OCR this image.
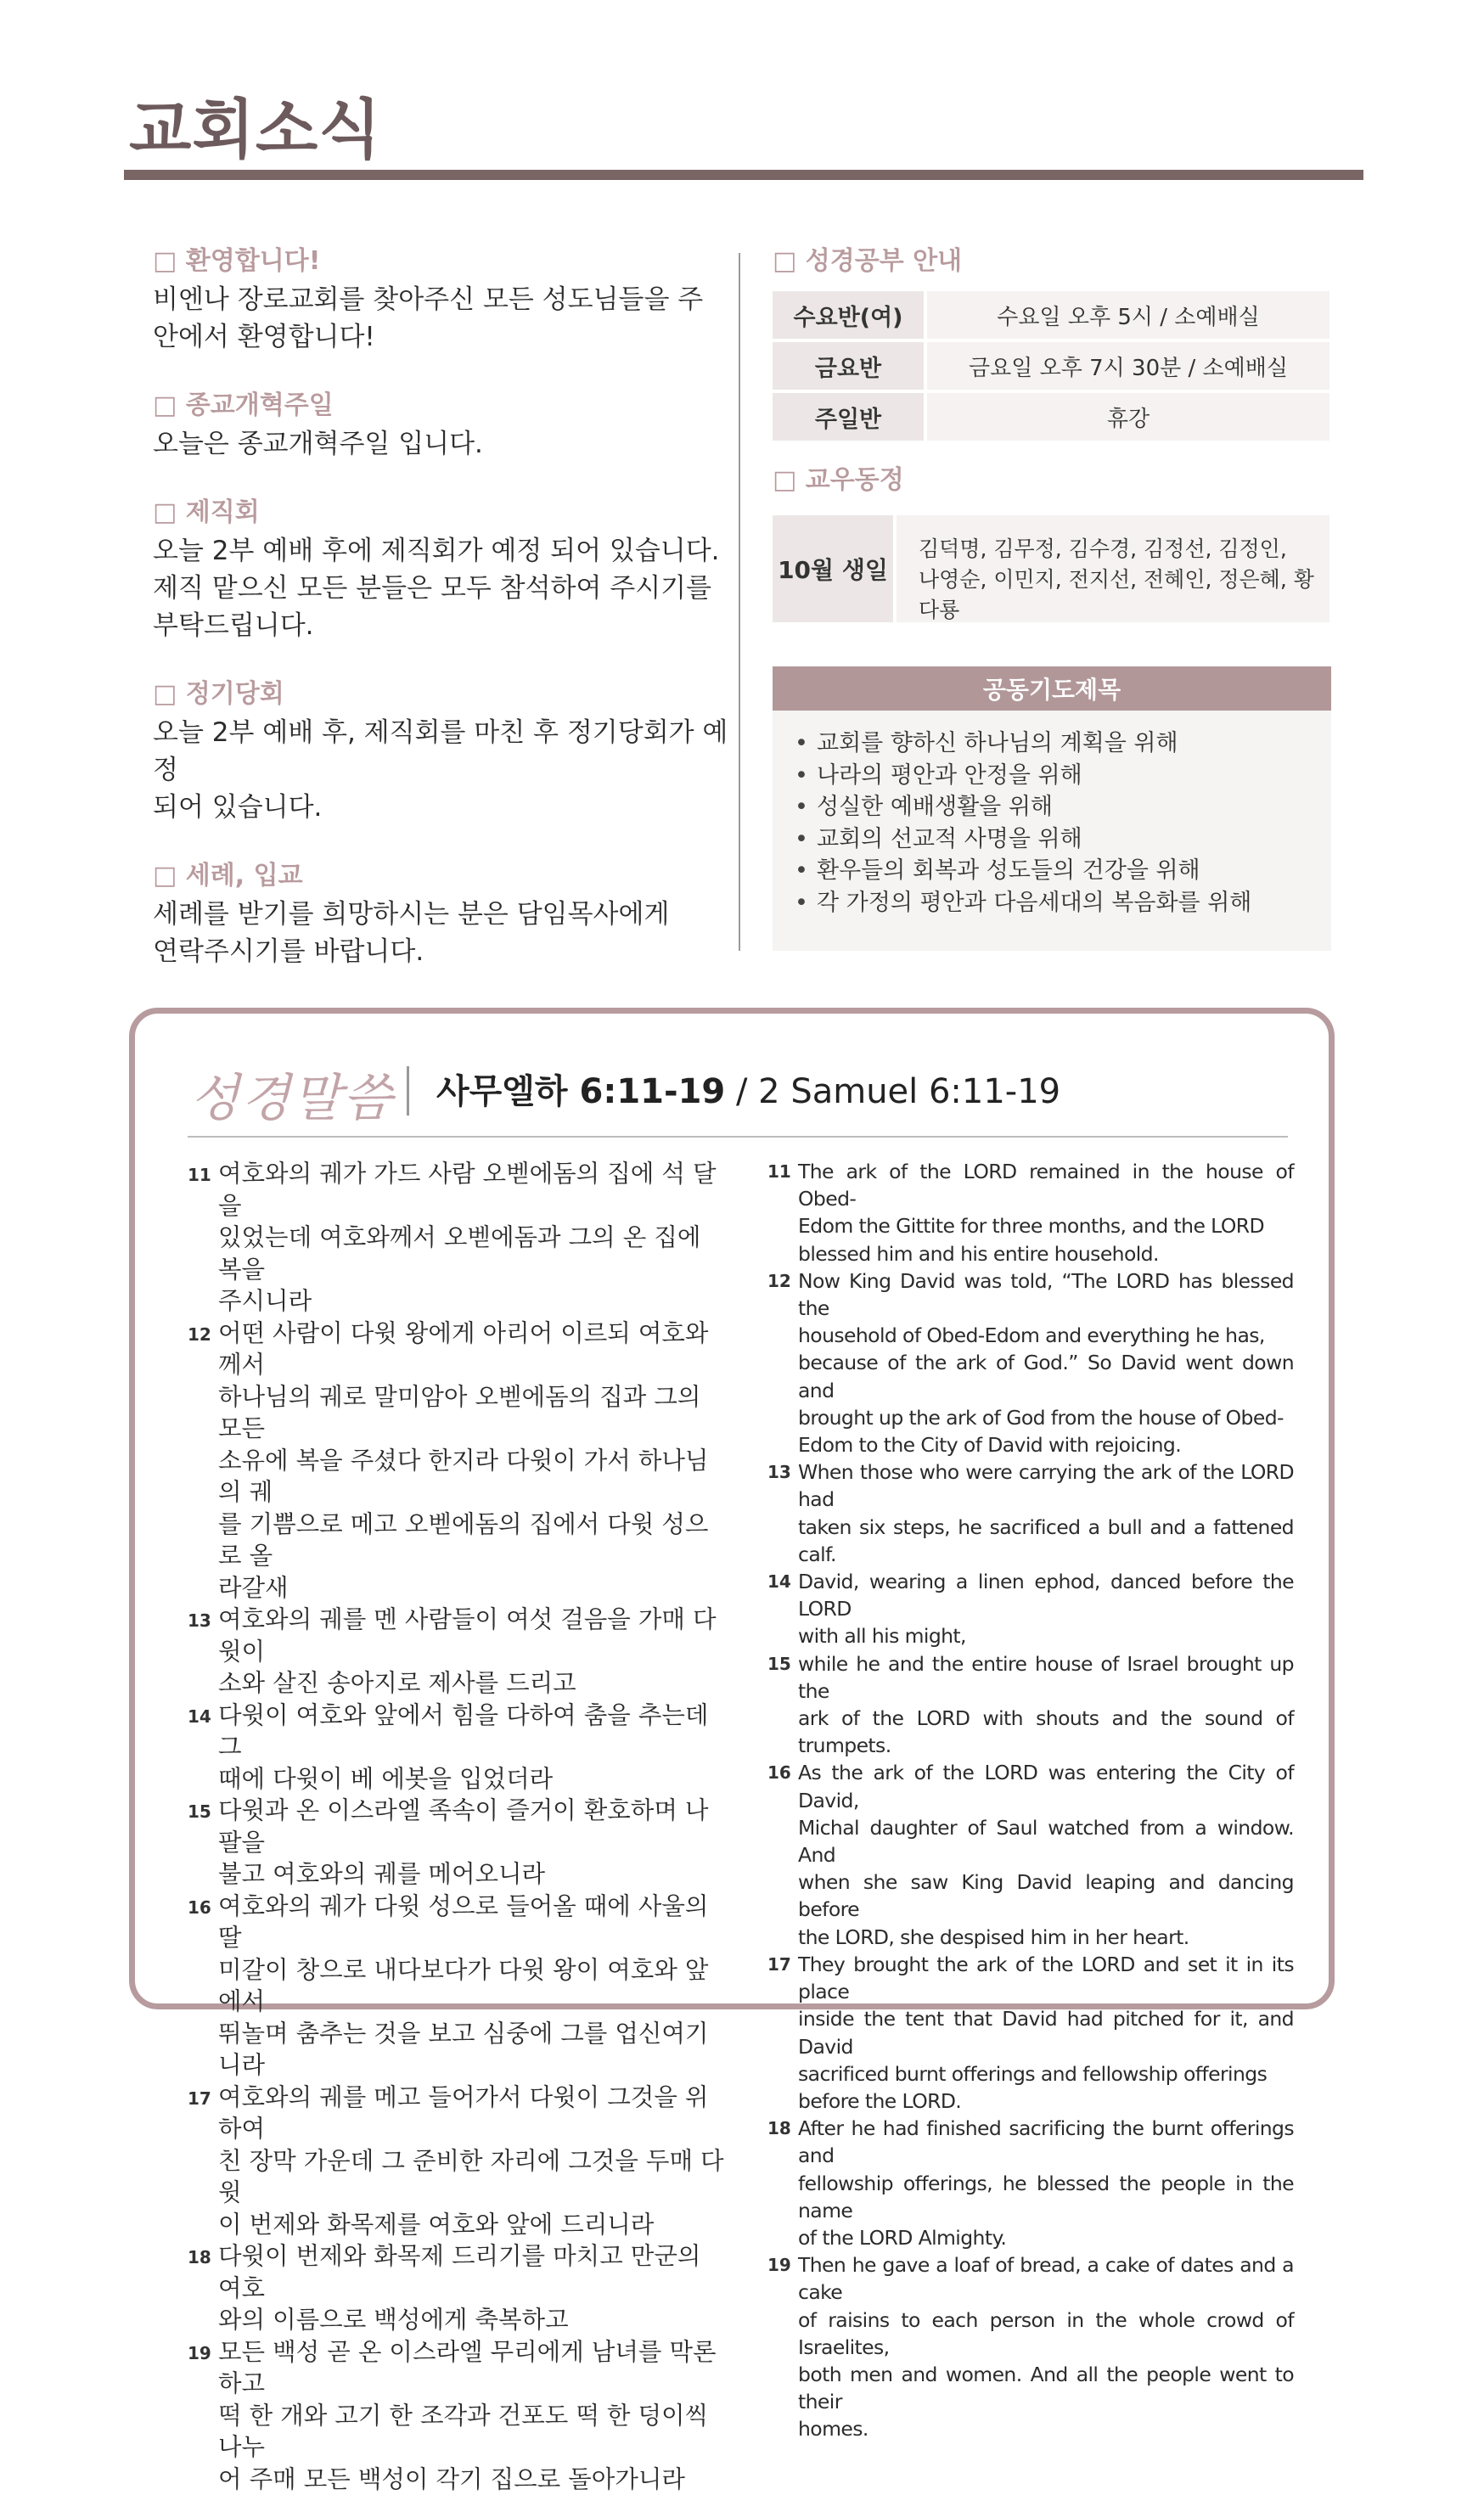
교회소식
□ 환영합니다!
비엔나 장로교회를 찾아주신 모든 성도님들을 주
안에서 환영합니다!
□ 종교개혁주일
오늘은 종교개혁주일 입니다.
□ 제직회
오늘 2부 예배 후에 제직회가 예정 되어 있습니다.
제직 맡으신 모든 분들은 모두 참석하여 주시기를
부탁드립니다.
□ 정기당회
오늘 2부 예배 후, 제직회를 마친 후 정기당회가 예정
되어 있습니다.
□ 세례, 입교
세례를 받기를 희망하시는 분은 담임목사에게
연락주시기를 바랍니다.
□ 성경공부 안내
수요반(여)	수요일 오후 5시 / 소예배실
금요반	금요일 오후 7시 30분 / 소예배실
주일반	휴강
□ 교우동정
10월 생일
김덕명, 김무정, 김수경, 김정선, 김정인,
나영순, 이민지, 전지선, 전혜인, 정은혜, 황다룡
공동기도제목
• 교회를 향하신 하나님의 계획을 위해
• 나라의 평안과 안정을 위해
• 성실한 예배생활을 위해
• 교회의 선교적 사명을 위해
• 환우들의 회복과 성도들의 건강을 위해
• 각 가정의 평안과 다음세대의 복음화를 위해
성경말씀 사무엘하 6:11-19 / 2 Samuel 6:11-19
11 여호와의 궤가 가드 사람 오벧에돔의 집에 석 달을
있었는데 여호와께서 오벧에돔과 그의 온 집에 복을
주시니라
12 어떤 사람이 다윗 왕에게 아리어 이르되 여호와께서
하나님의 궤로 말미암아 오벧에돔의 집과 그의 모든
소유에 복을 주셨다 한지라 다윗이 가서 하나님의 궤
를 기쁨으로 메고 오벧에돔의 집에서 다윗 성으로 올
라갈새
13 여호와의 궤를 멘 사람들이 여섯 걸음을 가매 다윗이
소와 살진 송아지로 제사를 드리고
14 다윗이 여호와 앞에서 힘을 다하여 춤을 추는데 그
때에 다윗이 베 에봇을 입었더라
15 다윗과 온 이스라엘 족속이 즐거이 환호하며 나팔을
불고 여호와의 궤를 메어오니라
16 여호와의 궤가 다윗 성으로 들어올 때에 사울의 딸
미갈이 창으로 내다보다가 다윗 왕이 여호와 앞에서
뛰놀며 춤추는 것을 보고 심중에 그를 업신여기니라
17 여호와의 궤를 메고 들어가서 다윗이 그것을 위하여
친 장막 가운데 그 준비한 자리에 그것을 두매 다윗
이 번제와 화목제를 여호와 앞에 드리니라
18 다윗이 번제와 화목제 드리기를 마치고 만군의 여호
와의 이름으로 백성에게 축복하고
19 모든 백성 곧 온 이스라엘 무리에게 남녀를 막론하고
떡 한 개와 고기 한 조각과 건포도 떡 한 덩이씩 나누
어 주매 모든 백성이 각기 집으로 돌아가니라
11 The ark of the LORD remained in the house of Obed-
Edom the Gittite for three months, and the LORD
blessed him and his entire household.
12 Now King David was told, “The LORD has blessed the
household of Obed-Edom and everything he has,
because of the ark of God.” So David went down and
brought up the ark of God from the house of Obed-
Edom to the City of David with rejoicing.
13 When those who were carrying the ark of the LORD had
taken six steps, he sacrificed a bull and a fattened calf.
14 David, wearing a linen ephod, danced before the LORD
with all his might,
15 while he and the entire house of Israel brought up the
ark of the LORD with shouts and the sound of trumpets.
16 As the ark of the LORD was entering the City of David,
Michal daughter of Saul watched from a window. And
when she saw King David leaping and dancing before
the LORD, she despised him in her heart.
17 They brought the ark of the LORD and set it in its place
inside the tent that David had pitched for it, and David
sacrificed burnt offerings and fellowship offerings
before the LORD.
18 After he had finished sacrificing the burnt offerings and
fellowship offerings, he blessed the people in the name
of the LORD Almighty.
19 Then he gave a loaf of bread, a cake of dates and a cake
of raisins to each person in the whole crowd of Israelites,
both men and women. And all the people went to their
homes.
